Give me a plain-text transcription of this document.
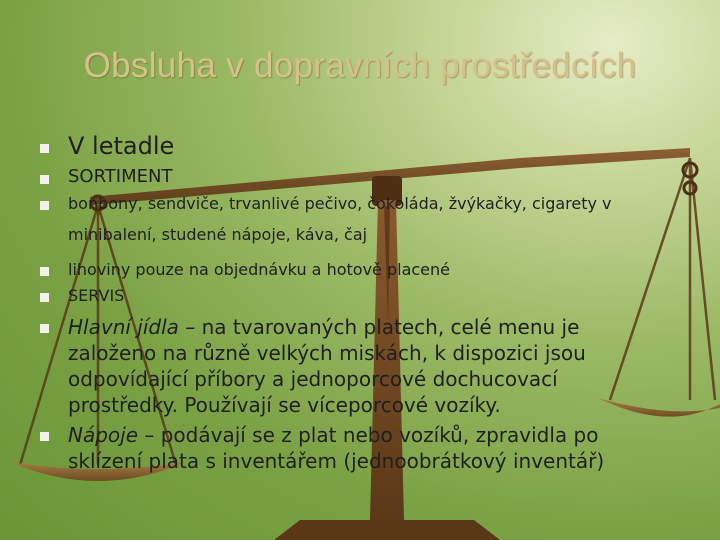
Obsluha v dopravních prostředcích
V letadle
SORTIMENT
bonbony, sendviče, trvanlivé pečivo, čokoláda, žvýkačky, cigarety v minibalení, studené nápoje, káva, čaj
lihoviny pouze na objednávku a hotově placené
SERVIS
Hlavní jídla – na tvarovaných platech, celé menu je založeno na různě velkých miskách, k dispozici jsou odpovídající příbory a jednoporcové dochucovací prostředky. Používají se víceporcové vozíky.
Nápoje – podávají se z plat nebo vozíků, zpravidla po sklízení plata s inventářem (jednoobrátkový inventář)
